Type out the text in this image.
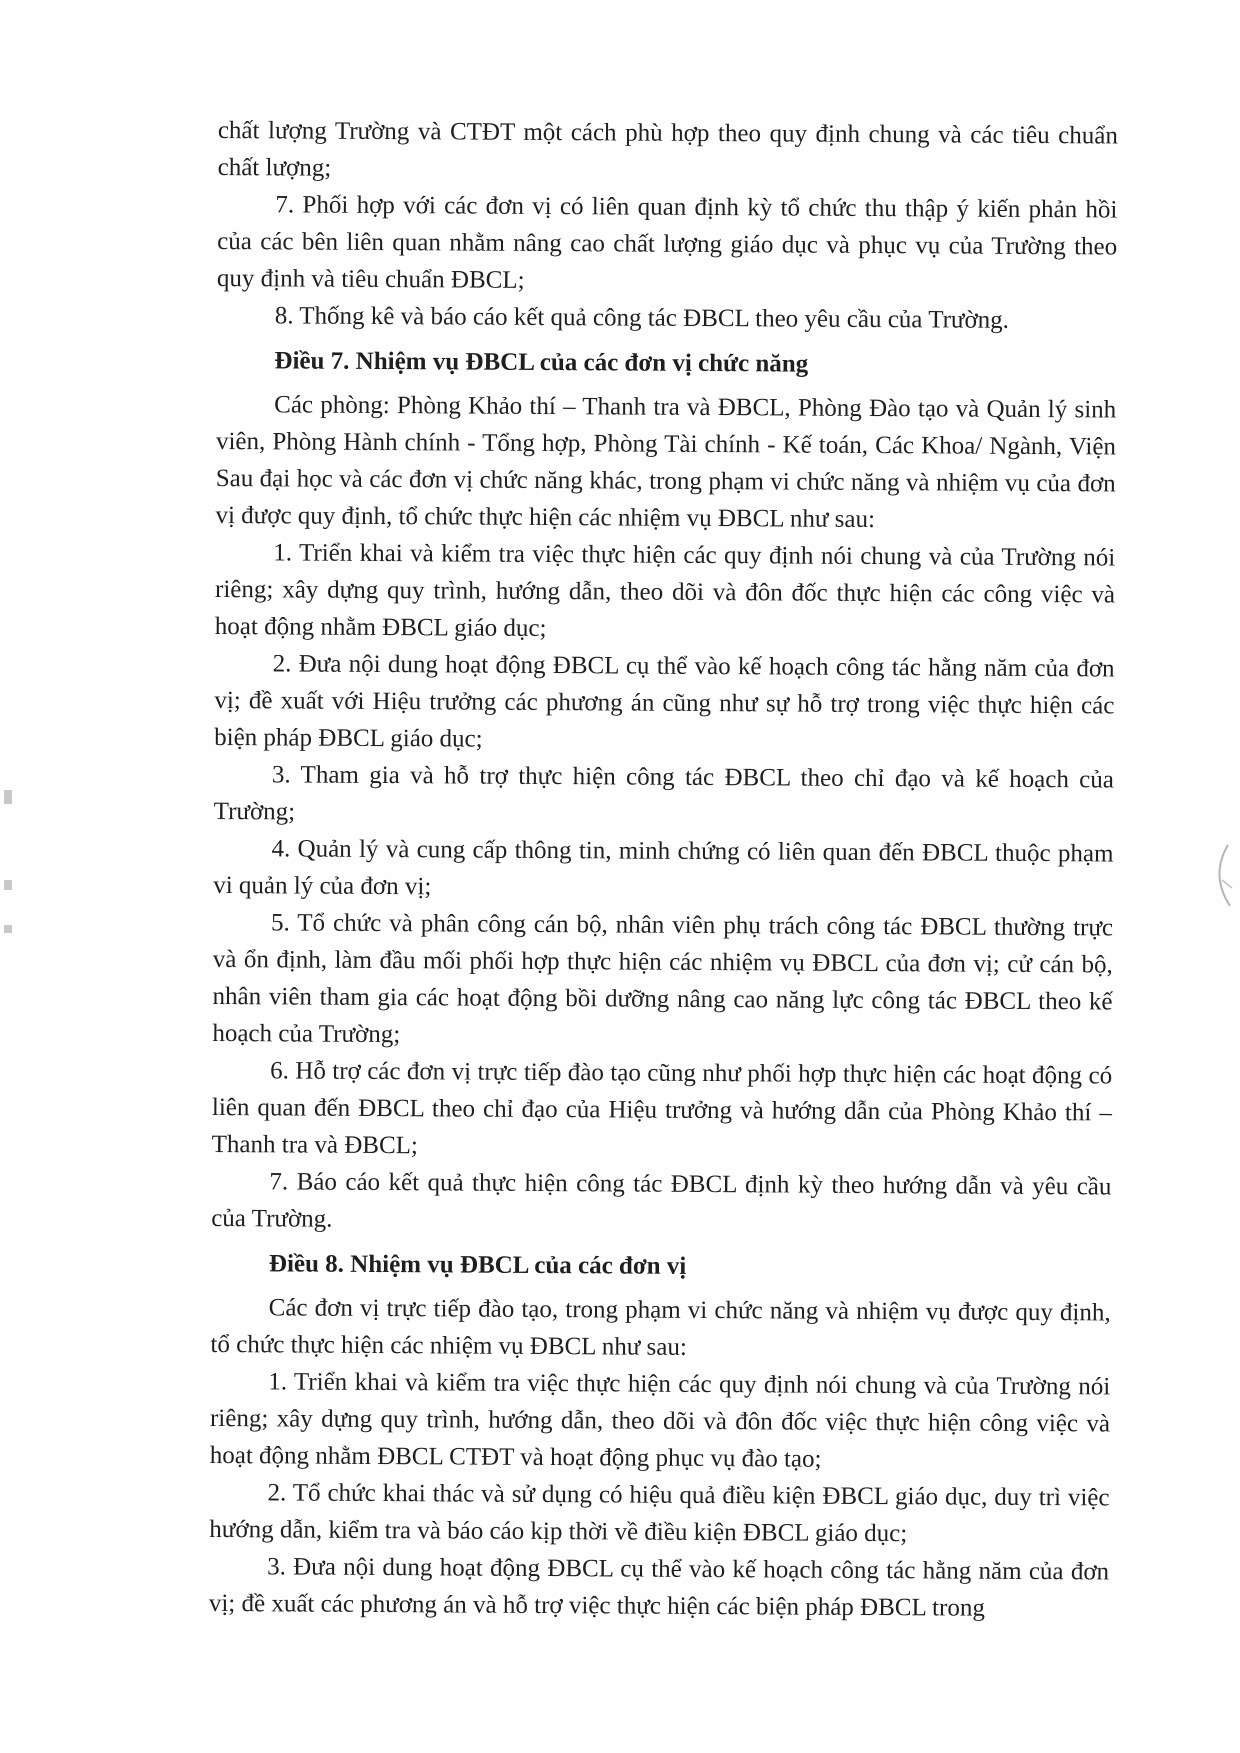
chất lượng Trường và CTĐT một cách phù hợp theo quy định chung và các tiêu chuẩn chất lượng;

7. Phối hợp với các đơn vị có liên quan định kỳ tổ chức thu thập ý kiến phản hồi của các bên liên quan nhằm nâng cao chất lượng giáo dục và phục vụ của Trường theo quy định và tiêu chuẩn ĐBCL;

8. Thống kê và báo cáo kết quả công tác ĐBCL theo yêu cầu của Trường.

Điều 7. Nhiệm vụ ĐBCL của các đơn vị chức năng

Các phòng: Phòng Khảo thí – Thanh tra và ĐBCL, Phòng Đào tạo và Quản lý sinh viên, Phòng Hành chính - Tổng hợp, Phòng Tài chính - Kế toán, Các Khoa/ Ngành, Viện Sau đại học và các đơn vị chức năng khác, trong phạm vi chức năng và nhiệm vụ của đơn vị được quy định, tổ chức thực hiện các nhiệm vụ ĐBCL như sau:

1. Triển khai và kiểm tra việc thực hiện các quy định nói chung và của Trường nói riêng; xây dựng quy trình, hướng dẫn, theo dõi và đôn đốc thực hiện các công việc và hoạt động nhằm ĐBCL giáo dục;

2. Đưa nội dung hoạt động ĐBCL cụ thể vào kế hoạch công tác hằng năm của đơn vị; đề xuất với Hiệu trưởng các phương án cũng như sự hỗ trợ trong việc thực hiện các biện pháp ĐBCL giáo dục;

3. Tham gia và hỗ trợ thực hiện công tác ĐBCL theo chỉ đạo và kế hoạch của Trường;

4. Quản lý và cung cấp thông tin, minh chứng có liên quan đến ĐBCL thuộc phạm vi quản lý của đơn vị;

5. Tổ chức và phân công cán bộ, nhân viên phụ trách công tác ĐBCL thường trực và ổn định, làm đầu mối phối hợp thực hiện các nhiệm vụ ĐBCL của đơn vị; cử cán bộ, nhân viên tham gia các hoạt động bồi dưỡng nâng cao năng lực công tác ĐBCL theo kế hoạch của Trường;

6. Hỗ trợ các đơn vị trực tiếp đào tạo cũng như phối hợp thực hiện các hoạt động có liên quan đến ĐBCL theo chỉ đạo của Hiệu trưởng và hướng dẫn của Phòng Khảo thí – Thanh tra và ĐBCL;

7. Báo cáo kết quả thực hiện công tác ĐBCL định kỳ theo hướng dẫn và yêu cầu của Trường.

Điều 8. Nhiệm vụ ĐBCL của các đơn vị

Các đơn vị trực tiếp đào tạo, trong phạm vi chức năng và nhiệm vụ được quy định, tổ chức thực hiện các nhiệm vụ ĐBCL như sau:

1. Triển khai và kiểm tra việc thực hiện các quy định nói chung và của Trường nói riêng; xây dựng quy trình, hướng dẫn, theo dõi và đôn đốc việc thực hiện công việc và hoạt động nhằm ĐBCL CTĐT và hoạt động phục vụ đào tạo;

2. Tổ chức khai thác và sử dụng có hiệu quả điều kiện ĐBCL giáo dục, duy trì việc hướng dẫn, kiểm tra và báo cáo kịp thời về điều kiện ĐBCL giáo dục;

3. Đưa nội dung hoạt động ĐBCL cụ thể vào kế hoạch công tác hằng năm của đơn vị; đề xuất các phương án và hỗ trợ việc thực hiện các biện pháp ĐBCL trong
